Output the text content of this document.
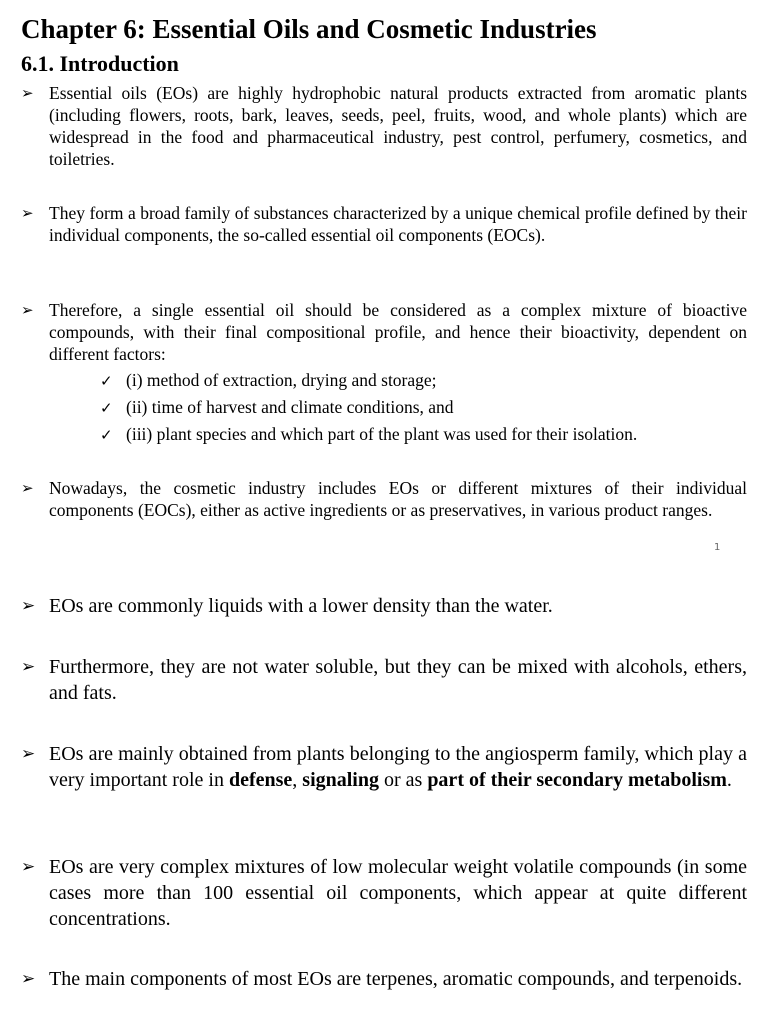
Chapter 6: Essential Oils and Cosmetic Industries
6.1. Introduction
➢ Essential oils (EOs) are highly hydrophobic natural products extracted from aromatic plants (including flowers, roots, bark, leaves, seeds, peel, fruits, wood, and whole plants) which are widespread in the food and pharmaceutical industry, pest control, perfumery, cosmetics, and toiletries.
➢ They form a broad family of substances characterized by a unique chemical profile defined by their individual components, the so-called essential oil components (EOCs).
➢ Therefore, a single essential oil should be considered as a complex mixture of bioactive compounds, with their final compositional profile, and hence their bioactivity, dependent on different factors:
✓ (i) method of extraction, drying and storage;
✓ (ii) time of harvest and climate conditions, and
✓ (iii) plant species and which part of the plant was used for their isolation.
➢ Nowadays, the cosmetic industry includes EOs or different mixtures of their individual components (EOCs), either as active ingredients or as preservatives, in various product ranges.
1
➢ EOs are commonly liquids with a lower density than the water.
➢ Furthermore, they are not water soluble, but they can be mixed with alcohols, ethers, and fats.
➢ EOs are mainly obtained from plants belonging to the angiosperm family, which play a very important role in defense, signaling or as part of their secondary metabolism.
➢ EOs are very complex mixtures of low molecular weight volatile compounds (in some cases more than 100 essential oil components, which appear at quite different concentrations.
➢ The main components of most EOs are terpenes, aromatic compounds, and terpenoids.
